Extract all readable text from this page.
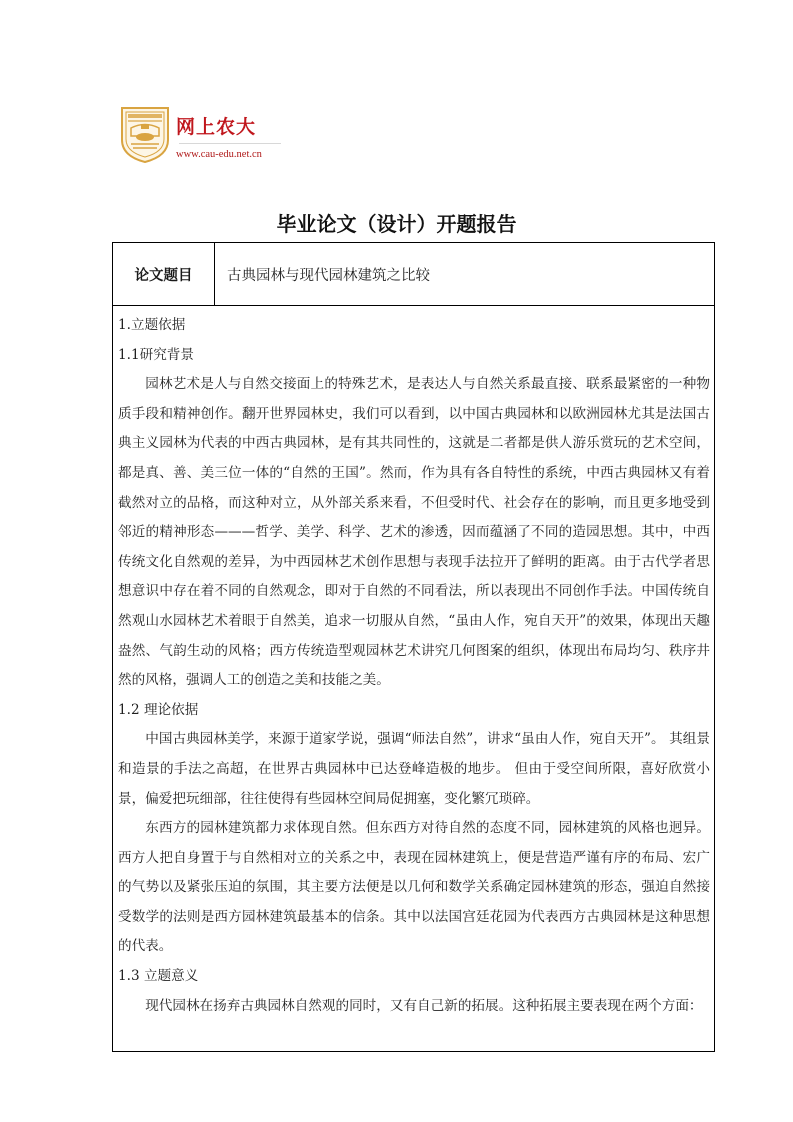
网上农大
www.cau-edu.net.cn
毕业论文（设计）开题报告
论文题目	古典园林与现代园林建筑之比较

1.立题依据

1.1研究背景

园林艺术是人与自然交接面上的特殊艺术，是表达人与自然关系最直接、联系最紧密的一种物质手段和精神创作。翻开世界园林史，我们可以看到，以中国古典园林和以欧洲园林尤其是法国古典主义园林为代表的中西古典园林，是有其共同性的，这就是二者都是供人游乐赏玩的艺术空间，都是真、善、美三位一体的“自然的王国”。然而，作为具有各自特性的系统，中西古典园林又有着截然对立的品格，而这种对立，从外部关系来看，不但受时代、社会存在的影响，而且更多地受到邻近的精神形态———哲学、美学、科学、艺术的渗透，因而蕴涵了不同的造园思想。其中，中西传统文化自然观的差异，为中西园林艺术创作思想与表现手法拉开了鲜明的距离。由于古代学者思想意识中存在着不同的自然观念，即对于自然的不同看法，所以表现出不同创作手法。中国传统自然观山水园林艺术着眼于自然美，追求一切服从自然，“虽由人作，宛自天开”的效果，体现出天趣盎然、气韵生动的风格；西方传统造型观园林艺术讲究几何图案的组织，体现出布局均匀、秩序井然的风格，强调人工的创造之美和技能之美。

1.2 理论依据

中国古典园林美学，来源于道家学说，强调“师法自然”，讲求“虽由人作，宛自天开”。 其组景和造景的手法之高超，在世界古典园林中已达登峰造极的地步。 但由于受空间所限，喜好欣赏小景，偏爱把玩细部，往往使得有些园林空间局促拥塞，变化繁冗琐碎。

东西方的园林建筑都力求体现自然。但东西方对待自然的态度不同，园林建筑的风格也迥异。西方人把自身置于与自然相对立的关系之中，表现在园林建筑上，便是营造严谨有序的布局、宏广的气势以及紧张压迫的氛围，其主要方法便是以几何和数学关系确定园林建筑的形态，强迫自然接受数学的法则是西方园林建筑最基本的信条。其中以法国宫廷花园为代表西方古典园林是这种思想的代表。

1.3 立题意义

现代园林在扬弃古典园林自然观的同时，又有自己新的拓展。这种拓展主要表现在两个方面：
